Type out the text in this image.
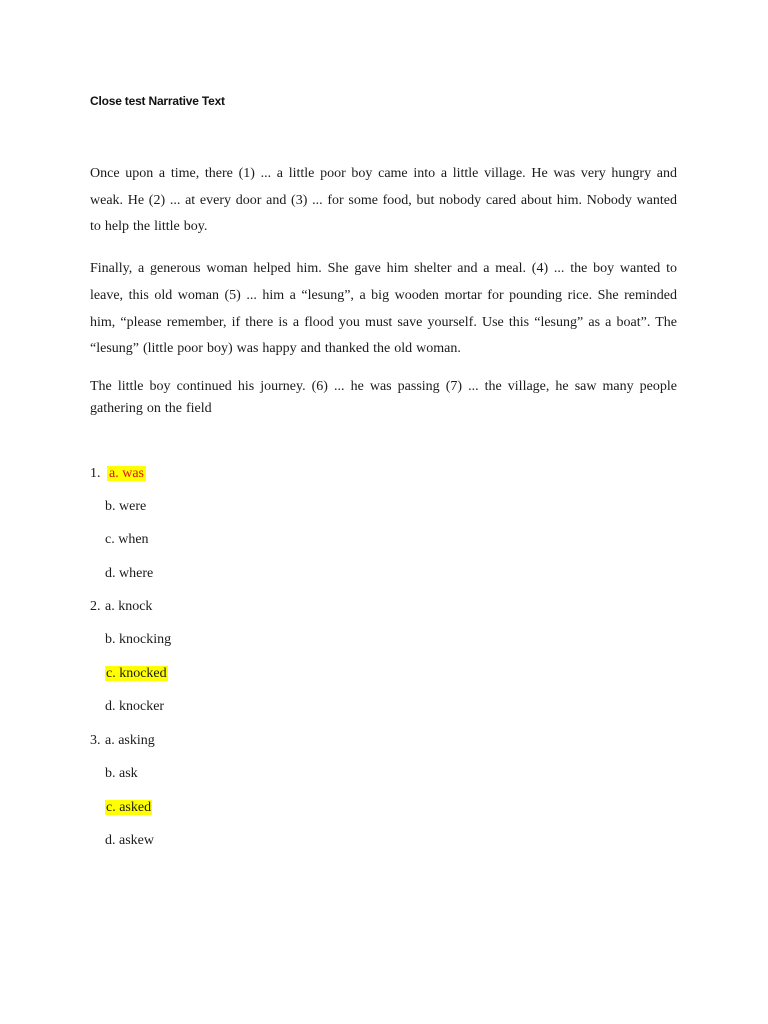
Close test Narrative Text

Once upon a time, there (1) ... a little poor boy came into a little village. He was very hungry and weak. He (2) ... at every door and (3) ... for some food, but nobody cared about him. Nobody wanted to help the little boy.

Finally, a generous woman helped him. She gave him shelter and a meal. (4) ... the boy wanted to leave, this old woman (5) ... him a “lesung”, a big wooden mortar for pounding rice. She reminded him, “please remember, if there is a flood you must save yourself. Use this “lesung” as a boat”. The “lesung” (little poor boy) was happy and thanked the old woman.

The little boy continued his journey. (6) ... he was passing (7) ... the village, he saw many people gathering on the field

1. a. was
b. were
c. when
d. where
2. a. knock
b. knocking
c. knocked
d. knocker
3. a. asking
b. ask
c. asked
d. askew
